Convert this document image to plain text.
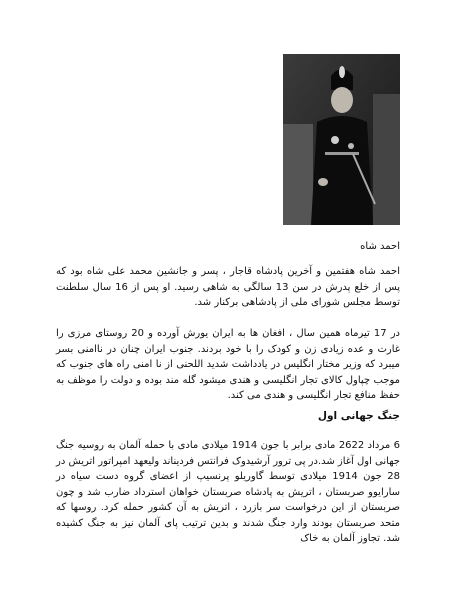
احمد شاه

احمد شاه هفتمین و آخرین پادشاه قاجار ، پسر و جانشین محمد علی شاه بود که پس از خلع پدرش در سن 13 سالگی به شاهی رسید. او پس از 16 سال سلطنت توسط مجلس شورای ملی از پادشاهی برکنار شد.

در 17 تیرماه همین سال ، افغان ها به ایران یورش آورده و 20 روستای مرزی را غارت و عده زیادی زن و کودک را با خود بردند. جنوب ایران چنان در ناامنی بسر میبرد که وزیر مختار انگلیس در یادداشت شدید اللحنی از نا امنی راه های جنوب که موجب چپاول کالای تجار انگلیسی و هندی میشود گله مند بوده و دولت را موظف به حفظ منافع تجار انگلیسی و هندی می کند.

جنگ جهانی اول

6 مرداد 2622 مادی برابر با جون 1914 میلادی مادی با حمله آلمان به روسیه جنگ جهانی اول آغاز شد.در پی ترور آرشیدوک فرانتس فردیناند ولیعهد امپراتور اتریش در 28 جون 1914 میلادی توسط گاوریلو پرنسیپ از اعضای گروه دست سیاه در سارایوو صربستان ، اتریش به پادشاه صربستان خواهان استرداد ضارب شد و چون صربستان از این درخواست سر بازرد ، اتریش به آن کشور حمله کرد. روسها که متحد صربستان بودند وارد جنگ شدند و بدین ترتیب پای آلمان نیز به جنگ کشیده شد. تجاوز آلمان به خاک
